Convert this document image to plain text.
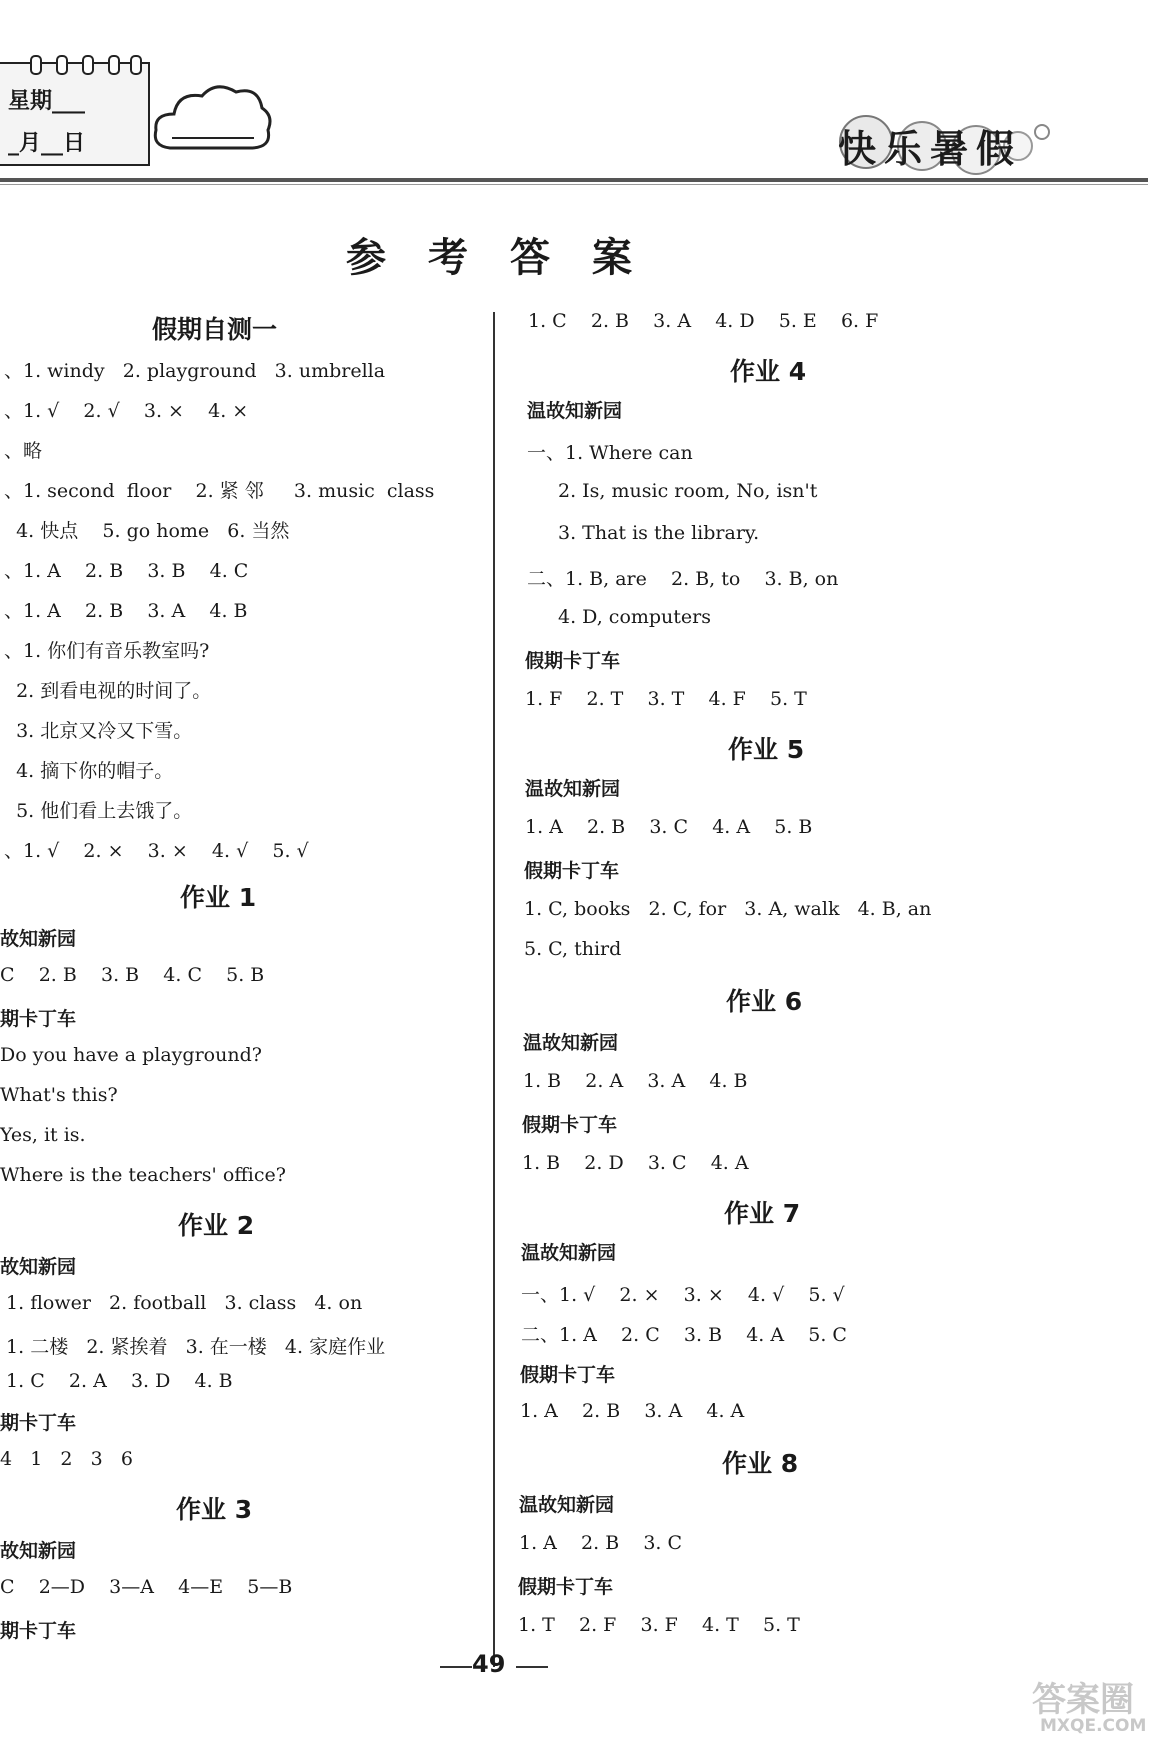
星期___
_月__日	快乐暑假
参考答案
假期自测一
、1. windy   2. playground   3. umbrella
、1. √    2. √    3. ×    4. ×
、略
、1. second  floor    2. 紧 邻     3. music  class
4. 快点    5. go home   6. 当然
、1. A    2. B    3. B    4. C
、1. A    2. B    3. A    4. B
、1. 你们有音乐教室吗?
2. 到看电视的时间了。
3. 北京又冷又下雪。
4. 摘下你的帽子。
5. 他们看上去饿了。
、1. √    2. ×    3. ×    4. √    5. √
作业 1
故知新园
C    2. B    3. B    4. C    5. B
期卡丁车
Do you have a playground?
What's this?
Yes, it is.
Where is the teachers' office?
作业 2
故知新园
1. flower   2. football   3. class   4. on
1. 二楼   2. 紧挨着   3. 在一楼   4. 家庭作业
1. C    2. A    3. D    4. B
期卡丁车
4   1   2   3   6
作业 3
故知新园
C    2—D    3—A    4—E    5—B
期卡丁车
1. C    2. B    3. A    4. D    5. E    6. F
作业 4
温故知新园
一、1. Where can
2. Is, music room, No, isn't
3. That is the library.
二、1. B, are    2. B, to    3. B, on
4. D, computers
假期卡丁车
1. F    2. T    3. T    4. F    5. T
作业 5
温故知新园
1. A    2. B    3. C    4. A    5. B
假期卡丁车
1. C, books   2. C, for   3. A, walk   4. B, an
5. C, third
作业 6
温故知新园
1. B    2. A    3. A    4. B
假期卡丁车
1. B    2. D    3. C    4. A
作业 7
温故知新园
一、1. √    2. ×    3. ×    4. √    5. √
二、1. A    2. C    3. B    4. A    5. C
假期卡丁车
1. A    2. B    3. A    4. A
作业 8
温故知新园
1. A    2. B    3. C
假期卡丁车
1. T    2. F    3. F    4. T    5. T
49
答案圈
MXQE.COM
